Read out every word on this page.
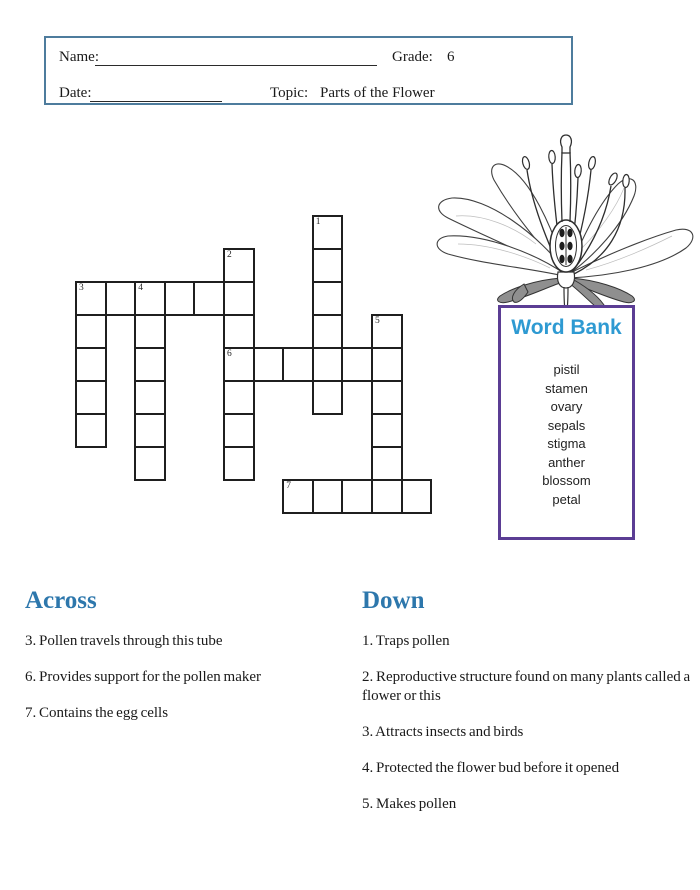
Name:	Grade: 6
Date:	Topic: Parts of the Flower
1
2
3	4
5
6
7
Word Bank
pistil
stamen
ovary
sepals
stigma
anther
blossom
petal
Across
3. Pollen travels through this tube
6. Provides support for the pollen maker
7. Contains the egg cells
Down
1. Traps pollen
2. Reproductive structure found on many plants called a flower or this
3. Attracts insects and birds
4. Protected the flower bud before it opened
5. Makes pollen
